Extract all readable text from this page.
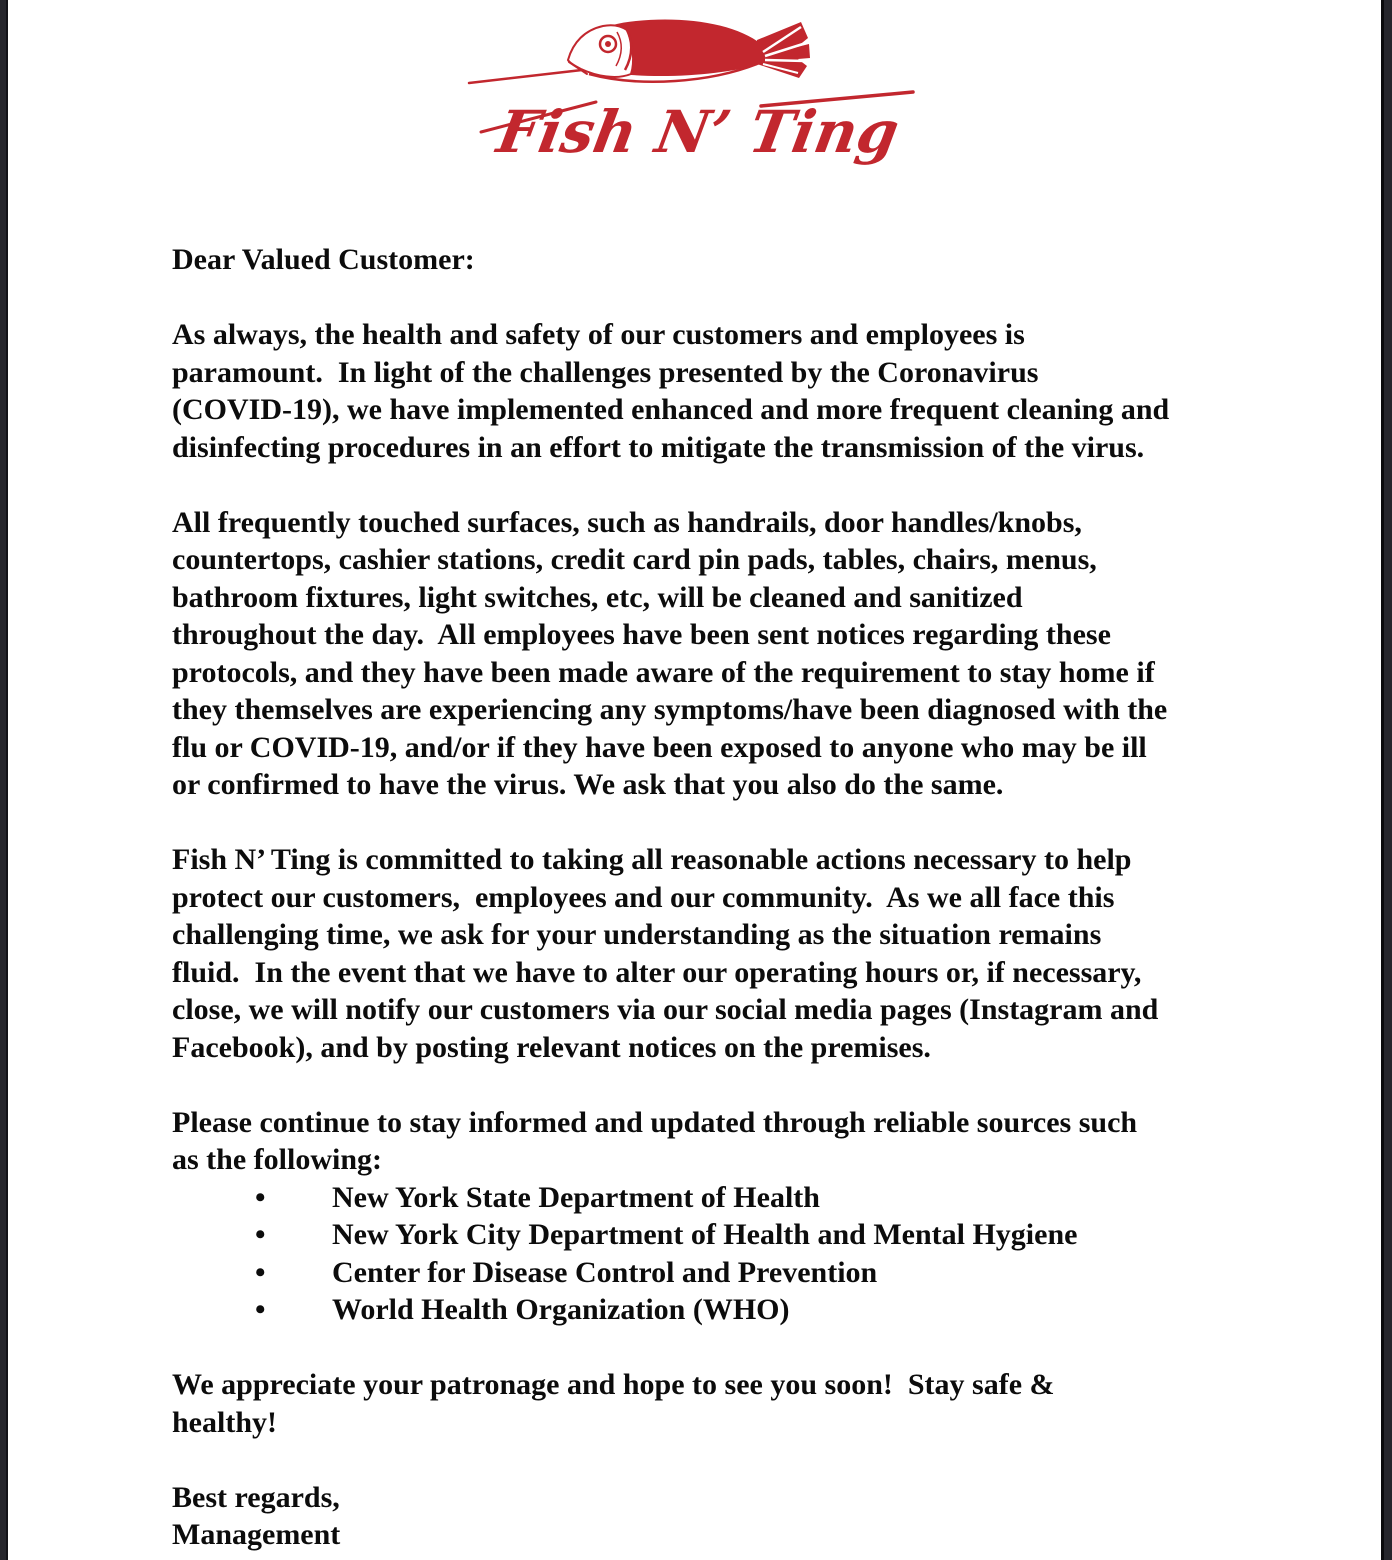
Fish N’ Ting
Dear Valued Customer:
As always, the health and safety of our customers and employees is
paramount.  In light of the challenges presented by the Coronavirus
(COVID-19), we have implemented enhanced and more frequent cleaning and
disinfecting procedures in an effort to mitigate the transmission of the virus.
All frequently touched surfaces, such as handrails, door handles/knobs,
countertops, cashier stations, credit card pin pads, tables, chairs, menus,
bathroom fixtures, light switches, etc, will be cleaned and sanitized
throughout the day.  All employees have been sent notices regarding these
protocols, and they have been made aware of the requirement to stay home if
they themselves are experiencing any symptoms/have been diagnosed with the
flu or COVID-19, and/or if they have been exposed to anyone who may be ill
or confirmed to have the virus. We ask that you also do the same.
Fish N’ Ting is committed to taking all reasonable actions necessary to help
protect our customers,  employees and our community.  As we all face this
challenging time, we ask for your understanding as the situation remains
fluid.  In the event that we have to alter our operating hours or, if necessary,
close, we will notify our customers via our social media pages (Instagram and
Facebook), and by posting relevant notices on the premises.
Please continue to stay informed and updated through reliable sources such
as the following:
•	New York State Department of Health
•	New York City Department of Health and Mental Hygiene
•	Center for Disease Control and Prevention
•	World Health Organization (WHO)
We appreciate your patronage and hope to see you soon!  Stay safe &
healthy!
Best regards,
Management
